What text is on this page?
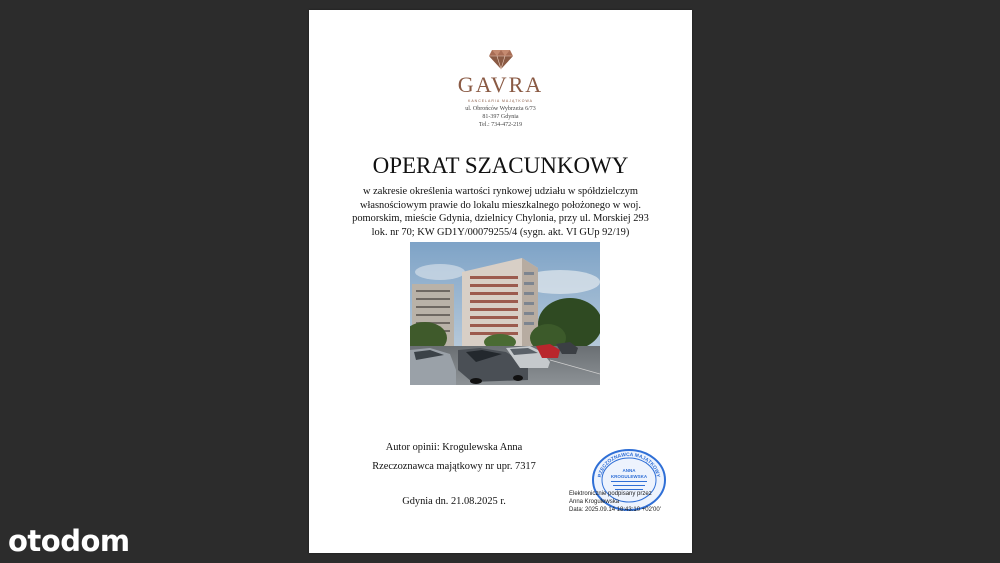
GAVRA
KANCELARIA MAJĄTKOWA
ul. Obrońców Wybrzeża 6/73
81-397 Gdynia
Tel.: 734-472-219
OPERAT SZACUNKOWY
w zakresie określenia wartości rynkowej udziału w spółdzielczym własnościowym prawie do lokalu mieszkalnego położonego w woj. pomorskim, mieście Gdynia, dzielnicy Chylonia, przy ul. Morskiej 293 lok. nr 70; KW GD1Y/00079255/4 (sygn. akt. VI GUp 92/19)
Autor opinii: Krogulewska Anna
Rzeczoznawca majątkowy nr upr. 7317
Gdynia dn. 21.08.2025 r.
RZECZOZNAWCA MAJĄTKOWY
ANNA
KROGULEWSKA
Elektronicznie podpisany przez
Anna Krogulewska
Data: 2025.09.14 18:43:10 +02'00'
otodom
